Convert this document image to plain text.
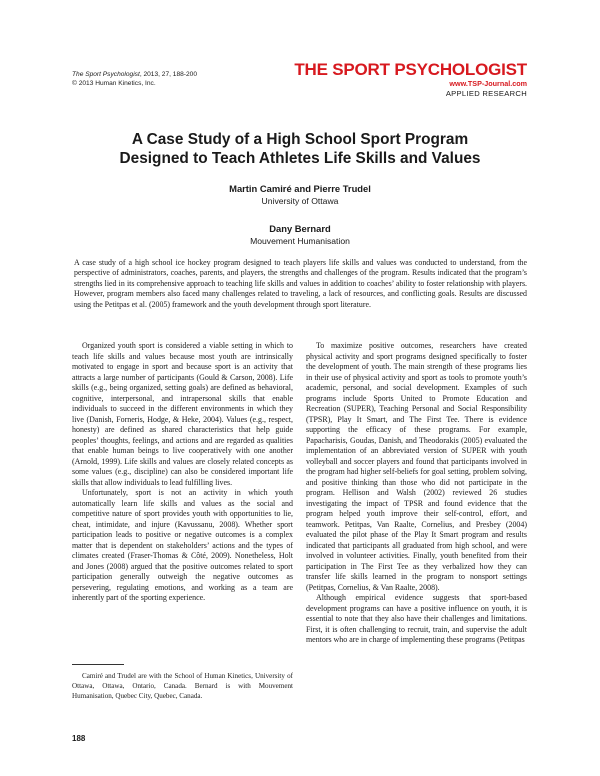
The Sport Psychologist, 2013, 27, 188-200
© 2013 Human Kinetics, Inc.
THE SPORT PSYCHOLOGIST
www.TSP-Journal.com
APPLIED RESEARCH
A Case Study of a High School Sport Program
Designed to Teach Athletes Life Skills and Values
Martin Camiré and Pierre Trudel
University of Ottawa
Dany Bernard
Mouvement Humanisation
A case study of a high school ice hockey program designed to teach players life skills and values was conducted to understand, from the perspective of administrators, coaches, parents, and players, the strengths and challenges of the program. Results indicated that the program’s strengths lied in its comprehensive approach to teaching life skills and values in addition to coaches’ ability to foster relationship with players. However, program members also faced many challenges related to traveling, a lack of resources, and conflicting goals. Results are discussed using the Petitpas et al. (2005) framework and the youth development through sport literature.

Organized youth sport is considered a viable setting in which to teach life skills and values because most youth are intrinsically motivated to engage in sport and because sport is an activity that attracts a large number of participants (Gould & Carson, 2008). Life skills (e.g., being organized, setting goals) are defined as behavioral, cognitive, interpersonal, and intrapersonal skills that enable individuals to succeed in the different environments in which they live (Danish, Forneris, Hodge, & Heke, 2004). Values (e.g., respect, honesty) are defined as shared characteristics that help guide peoples’ thoughts, feelings, and actions and are regarded as qualities that enable human beings to live cooperatively with one another (Arnold, 1999). Life skills and values are closely related concepts as some values (e.g., discipline) can also be considered important life skills that allow individuals to lead fulfilling lives.

Unfortunately, sport is not an activity in which youth automatically learn life skills and values as the social and competitive nature of sport provides youth with opportunities to lie, cheat, intimidate, and injure (Kavussanu, 2008). Whether sport participation leads to positive or negative outcomes is a complex matter that is dependent on stakeholders’ actions and the types of climates created (Fraser-Thomas & Côté, 2009). Nonetheless, Holt and Jones (2008) argued that the positive outcomes related to sport participation generally outweigh the negative outcomes as persevering, regulating emotions, and working as a team are inherently part of the sporting experience.

To maximize positive outcomes, researchers have created physical activity and sport programs designed specifically to foster the development of youth. The main strength of these programs lies in their use of physical activity and sport as tools to promote youth’s academic, personal, and social development. Examples of such programs include Sports United to Promote Education and Recreation (SUPER), Teaching Personal and Social Responsibility (TPSR), Play It Smart, and The First Tee. There is evidence supporting the efficacy of these programs. For example, Papacharisis, Goudas, Danish, and Theodorakis (2005) evaluated the implementation of an abbreviated version of SUPER with youth volleyball and soccer players and found that participants involved in the program had higher self-beliefs for goal setting, problem solving, and positive thinking than those who did not participate in the program. Hellison and Walsh (2002) reviewed 26 studies investigating the impact of TPSR and found evidence that the program helped youth improve their self-control, effort, and teamwork. Petitpas, Van Raalte, Cornelius, and Presbey (2004) evaluated the pilot phase of the Play It Smart program and results indicated that participants all graduated from high school, and were involved in volunteer activities. Finally, youth benefited from their participation in The First Tee as they verbalized how they can transfer life skills learned in the program to nonsport settings (Petitpas, Cornelius, & Van Raalte, 2008).

Although empirical evidence suggests that sport-based development programs can have a positive influence on youth, it is essential to note that they also have their challenges and limitations. First, it is often challenging to recruit, train, and supervise the adult mentors who are in charge of implementing these programs (Petitpas

Camiré and Trudel are with the School of Human Kinetics, University of Ottawa, Ottawa, Ontario, Canada. Bernard is with Mouvement Humanisation, Quebec City, Quebec, Canada.
188
